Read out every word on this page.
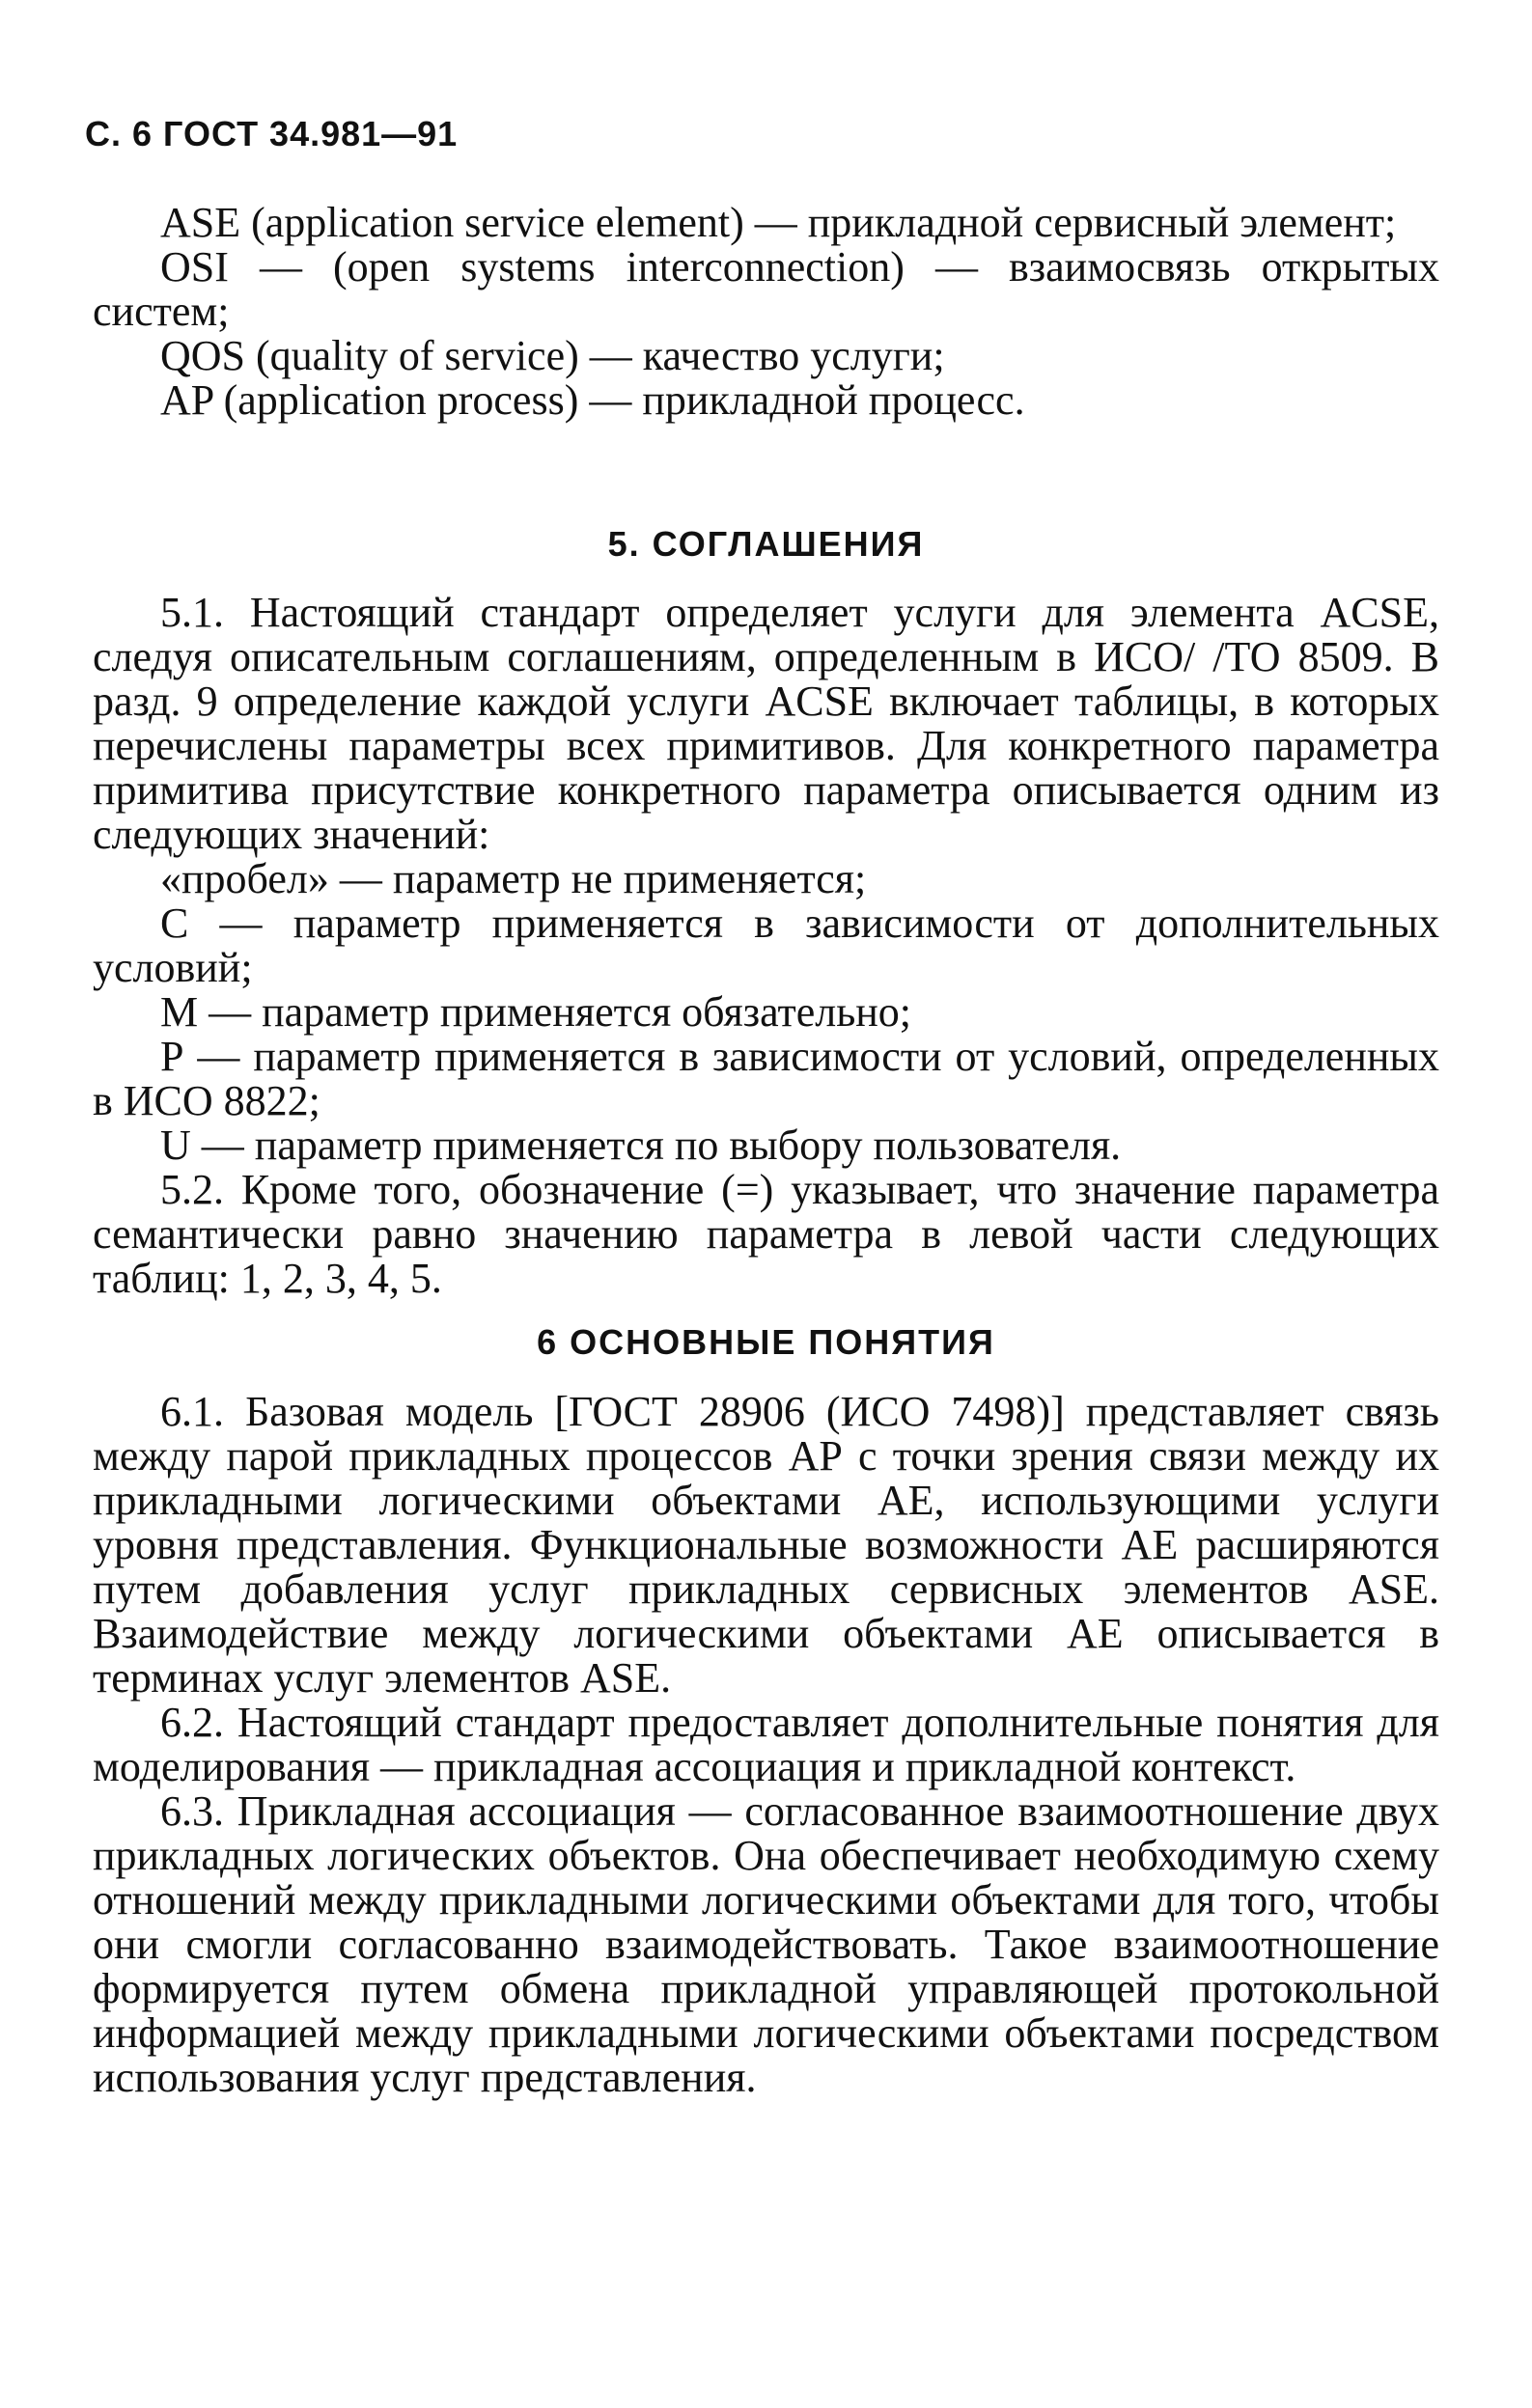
С. 6 ГОСТ 34.981—91

ASE (application service element) — прикладной сервисный элемент;

OSI — (open systems interconnection) — взаимосвязь открытых систем;

QOS (quality of service) — качество услуги;

AP (application process) — прикладной процесс.

5. СОГЛАШЕНИЯ

5.1. Настоящий стандарт определяет услуги для элемента ACSE, следуя описательным соглашениям, определенным в ИСО/ /ТО 8509. В разд. 9 определение каждой услуги ACSE включает таблицы, в которых перечислены параметры всех примитивов. Для конкретного параметра примитива присутствие конкретного параметра описывается одним из следующих значений:

«пробел» — параметр не применяется;

С — параметр применяется в зависимости от дополнительных условий;

М — параметр применяется обязательно;

Р — параметр применяется в зависимости от условий, определенных в ИСО 8822;

U — параметр применяется по выбору пользователя.

5.2. Кроме того, обозначение (=) указывает, что значение параметра семантически равно значению параметра в левой части следующих таблиц: 1, 2, 3, 4, 5.

6 ОСНОВНЫЕ ПОНЯТИЯ

6.1. Базовая модель [ГОСТ 28906 (ИСО 7498)] представляет связь между парой прикладных процессов АР с точки зрения связи между их прикладными логическими объектами АЕ, использующими услуги уровня представления. Функциональные возможности АЕ расширяются путем добавления услуг прикладных сервисных элементов ASE. Взаимодействие между логическими объектами АЕ описывается в терминах услуг элементов ASE.

6.2. Настоящий стандарт предоставляет дополнительные понятия для моделирования — прикладная ассоциация и прикладной контекст.

6.3. Прикладная ассоциация — согласованное взаимоотношение двух прикладных логических объектов. Она обеспечивает необходимую схему отношений между прикладными логическими объектами для того, чтобы они смогли согласованно взаимодействовать. Такое взаимоотношение формируется путем обмена прикладной управляющей протокольной информацией между прикладными логическими объектами посредством использования услуг представления.
